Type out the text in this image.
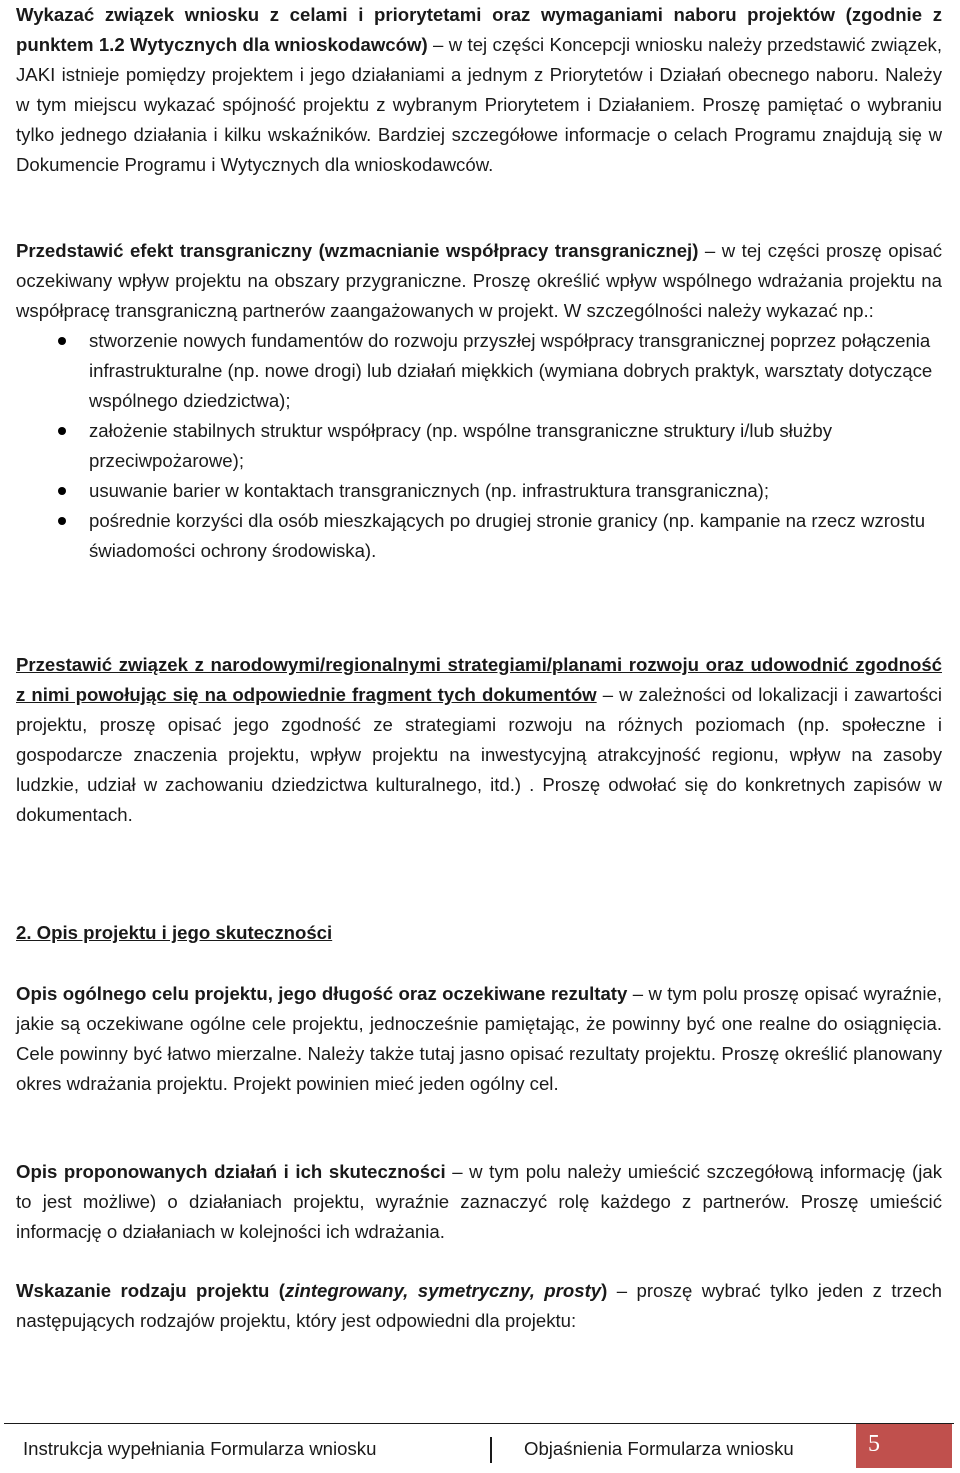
Wykazać związek wniosku z celami i priorytetami oraz wymaganiami naboru projektów (zgodnie z punktem 1.2 Wytycznych dla wnioskodawców) – w tej części Koncepcji wniosku należy przedstawić związek, JAKI istnieje pomiędzy projektem i jego działaniami a jednym z Priorytetów i Działań obecnego naboru. Należy w tym miejscu wykazać spójność projektu z wybranym Priorytetem i Działaniem. Proszę pamiętać o wybraniu tylko jednego działania i kilku wskaźników. Bardziej szczegółowe informacje o celach Programu znajdują się w Dokumencie Programu i Wytycznych dla wnioskodawców.

Przedstawić efekt transgraniczny (wzmacnianie współpracy transgranicznej) – w tej części proszę opisać oczekiwany wpływ projektu na obszary przygraniczne. Proszę określić wpływ wspólnego wdrażania projektu na współpracę transgraniczną partnerów zaangażowanych w projekt. W szczególności należy wykazać np.:

stworzenie nowych fundamentów do rozwoju przyszłej współpracy transgranicznej poprzez połączenia infrastrukturalne (np. nowe drogi) lub działań miękkich (wymiana dobrych praktyk, warsztaty dotyczące wspólnego dziedzictwa);
założenie stabilnych struktur współpracy (np. wspólne transgraniczne struktury i/lub służby przeciwpożarowe);
usuwanie barier w kontaktach transgranicznych (np. infrastruktura transgraniczna);
pośrednie korzyści dla osób mieszkających po drugiej stronie granicy (np. kampanie na rzecz wzrostu świadomości ochrony środowiska).

Przestawić związek z narodowymi/regionalnymi strategiami/planami rozwoju oraz udowodnić zgodność z nimi powołując się na odpowiednie fragment tych dokumentów – w zależności od lokalizacji i zawartości projektu, proszę opisać jego zgodność ze strategiami rozwoju na różnych poziomach (np. społeczne i gospodarcze znaczenia projektu, wpływ projektu na inwestycyjną atrakcyjność regionu, wpływ na zasoby ludzkie, udział w zachowaniu dziedzictwa kulturalnego, itd.) . Proszę odwołać się do konkretnych zapisów w dokumentach.

2. Opis projektu i jego skuteczności

Opis ogólnego celu projektu, jego długość oraz oczekiwane rezultaty – w tym polu proszę opisać wyraźnie, jakie są oczekiwane ogólne cele projektu, jednocześnie pamiętając, że powinny być one realne do osiągnięcia. Cele powinny być łatwo mierzalne. Należy także tutaj jasno opisać rezultaty projektu. Proszę określić planowany okres wdrażania projektu. Projekt powinien mieć jeden ogólny cel.

Opis proponowanych działań i ich skuteczności – w tym polu należy umieścić szczegółową informację (jak to jest możliwe) o działaniach projektu, wyraźnie zaznaczyć rolę każdego z partnerów. Proszę umieścić informację o działaniach w kolejności ich wdrażania.

Wskazanie rodzaju projektu (zintegrowany, symetryczny, prosty) – proszę wybrać tylko jeden z trzech następujących rodzajów projektu, który jest odpowiedni dla projektu:

Instrukcja wypełniania Formularza wniosku	Objaśnienia Formularza wniosku	5
